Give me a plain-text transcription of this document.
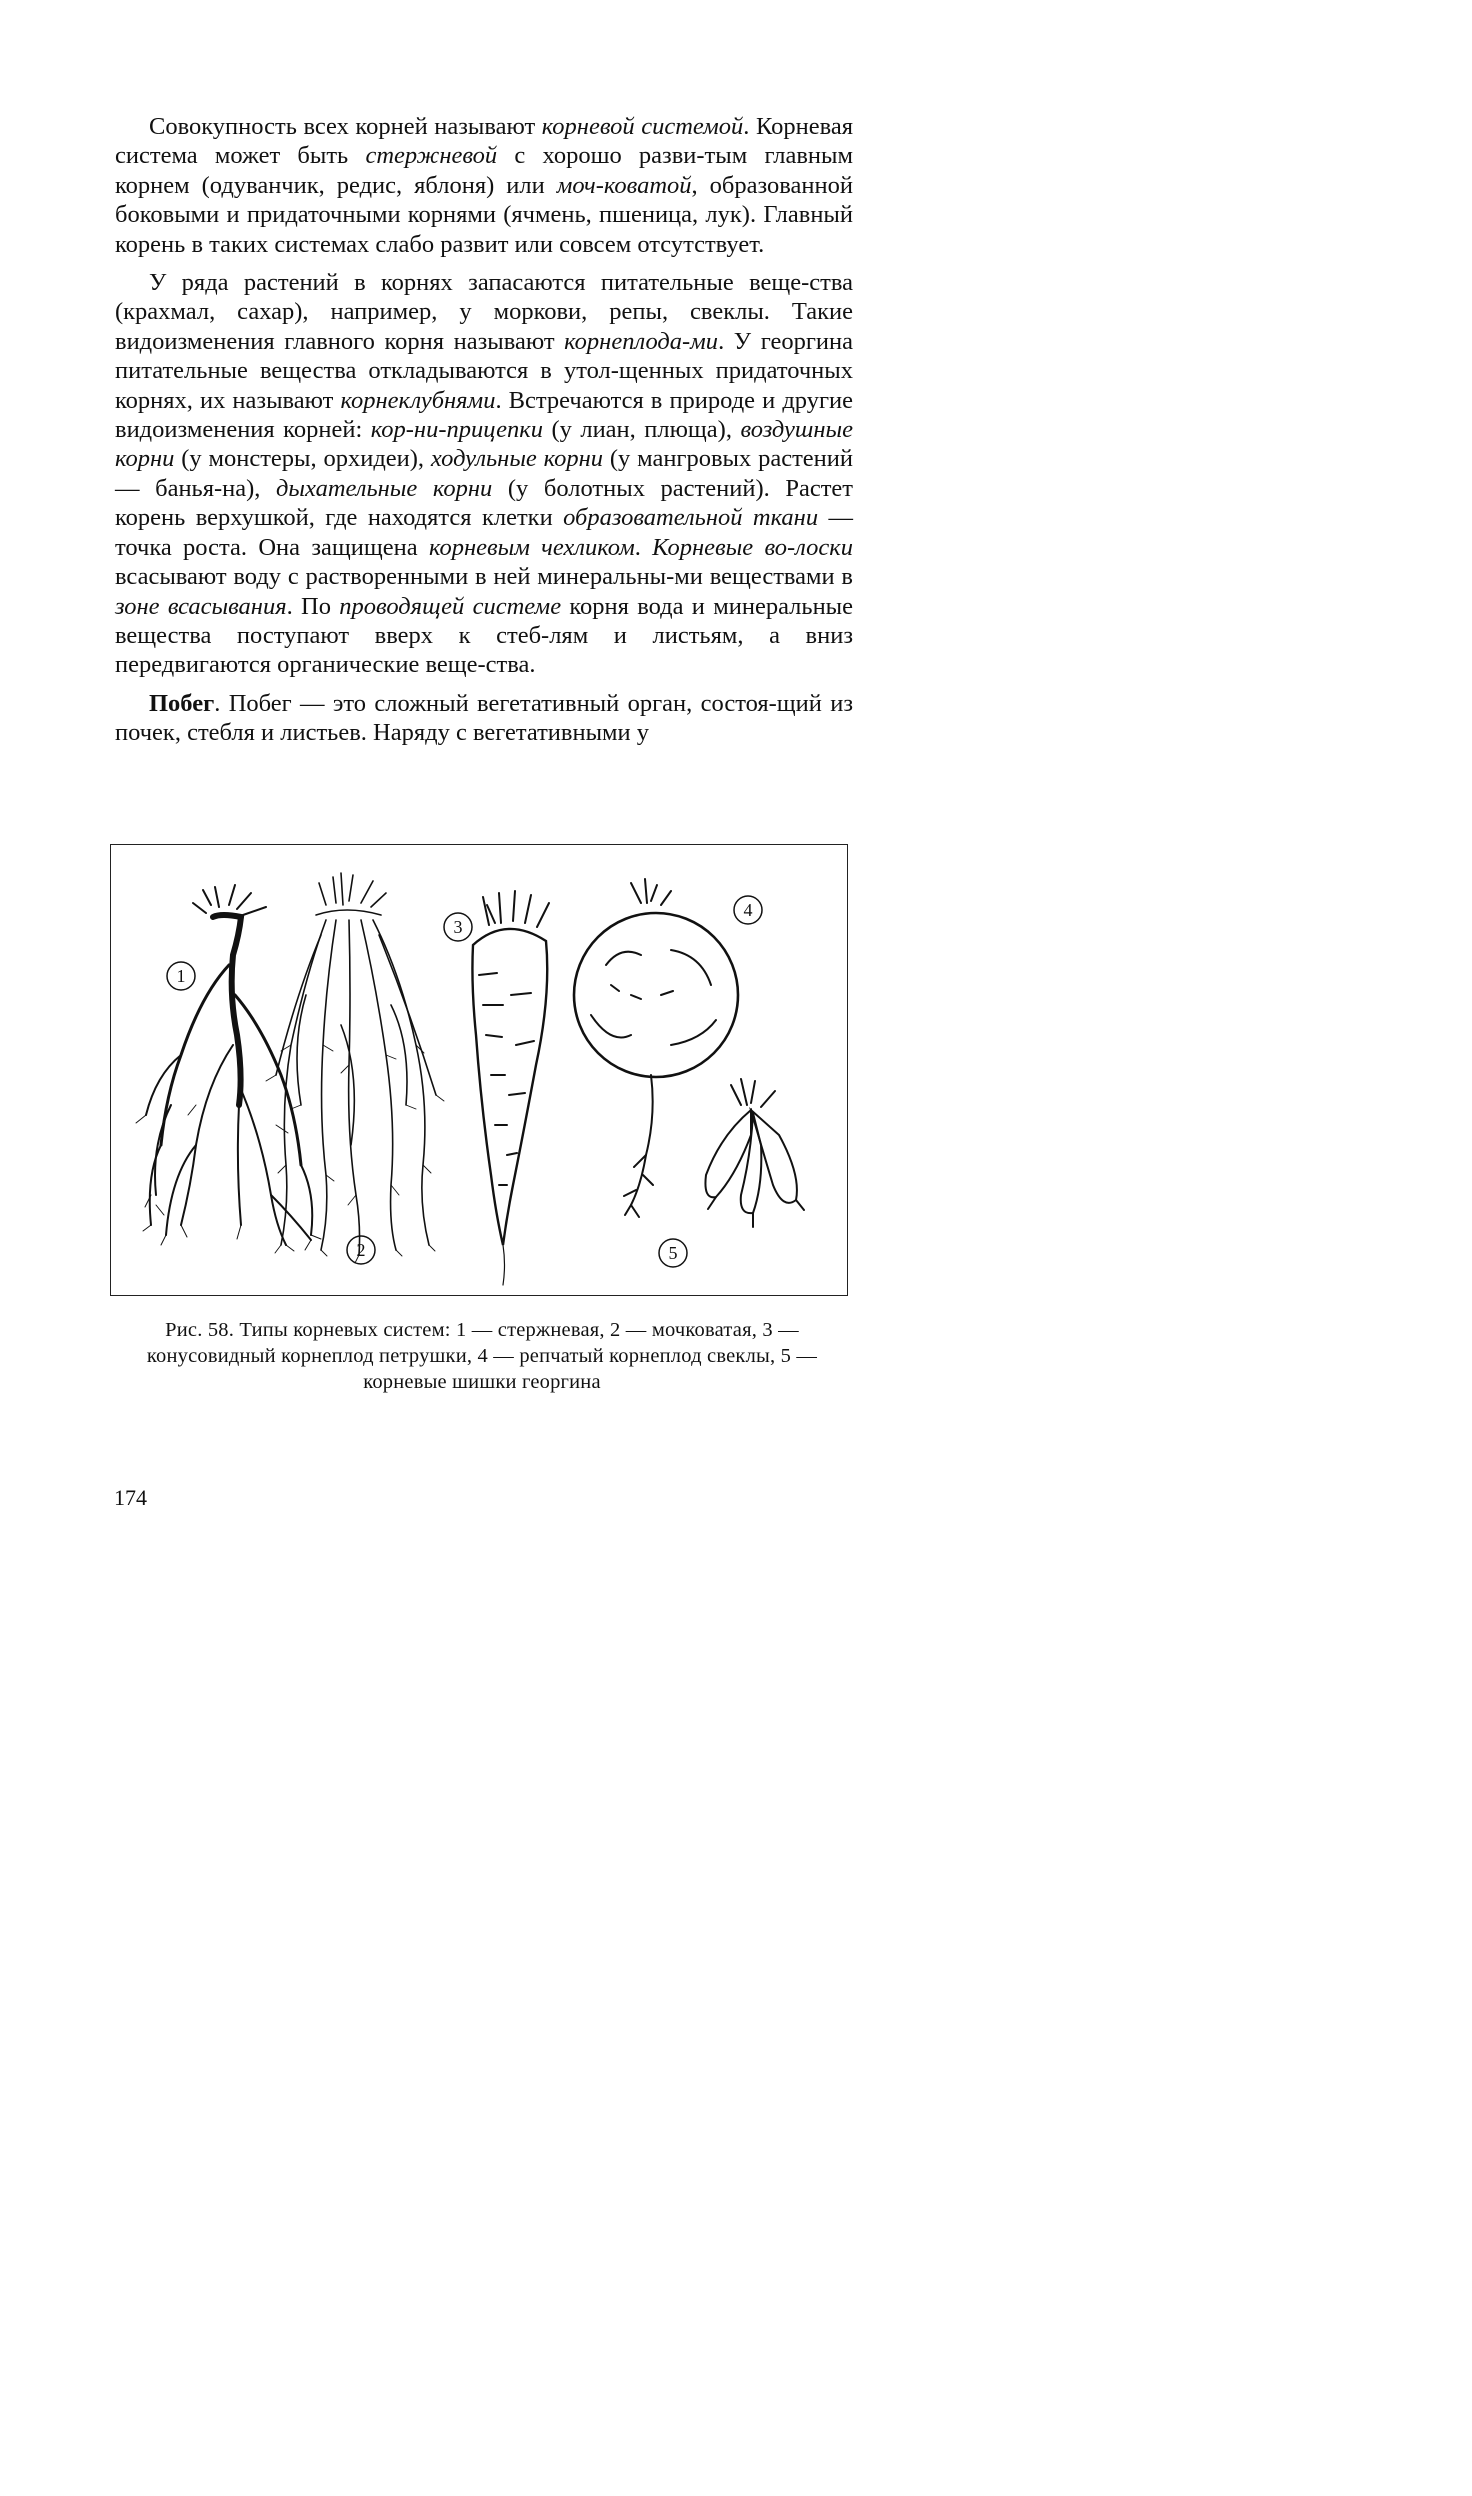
Совокупность всех корней называют корневой системой. Корневая система может быть стержневой с хорошо разви-тым главным корнем (одуванчик, редис, яблоня) или моч-коватой, образованной боковыми и придаточными корнями (ячмень, пшеница, лук). Главный корень в таких системах слабо развит или совсем отсутствует.

У ряда растений в корнях запасаются питательные веще-ства (крахмал, сахар), например, у моркови, репы, свеклы. Такие видоизменения главного корня называют корнеплода-ми. У георгина питательные вещества откладываются в утол-щенных придаточных корнях, их называют корнеклубнями. Встречаются в природе и другие видоизменения корней: кор-ни-прицепки (у лиан, плюща), воздушные корни (у монстеры, орхидеи), ходульные корни (у мангровых растений — банья-на), дыхательные корни (у болотных растений). Растет корень верхушкой, где находятся клетки образовательной ткани — точка роста. Она защищена корневым чехликом. Корневые во-лоски всасывают воду с растворенными в ней минеральны-ми веществами в зоне всасывания. По проводящей системе корня вода и минеральные вещества поступают вверх к стеб-лям и листьям, а вниз передвигаются органические веще-ства.

Побег. Побег — это сложный вегетативный орган, состоя-щий из почек, стебля и листьев. Наряду с вегетативными у

1
2
3
4
5
Рис. 58. Типы корневых систем: 1 — стержневая, 2 — мочковатая, 3 — конусовидный корнеплод петрушки, 4 — репчатый корнеплод свеклы, 5 — корневые шишки георгина
174
